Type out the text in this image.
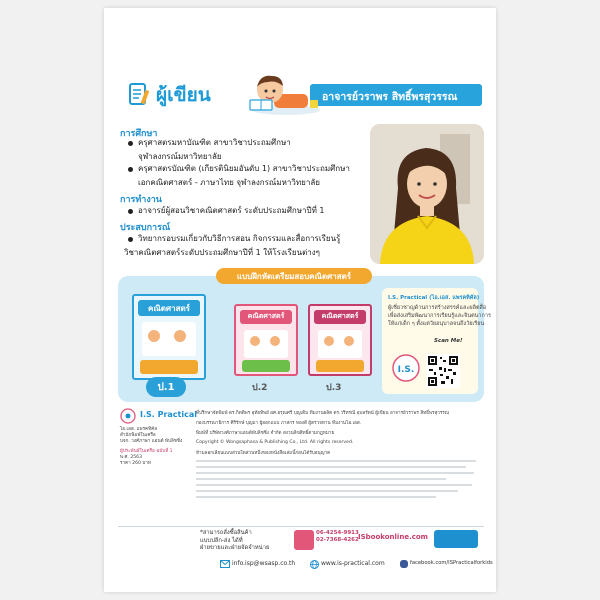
ผู้เขียน	อาจารย์วราพร สิทธิ์พรสุวรรณ
การศึกษา
ครุศาสตรมหาบัณฑิต สาขาวิชาประถมศึกษา
จุฬาลงกรณ์มหาวิทยาลัย
ครุศาสตรบัณฑิต (เกียรตินิยมอันดับ 1) สาขาวิชาประถมศึกษา
เอกคณิตศาสตร์ - ภาษาไทย จุฬาลงกรณ์มหาวิทยาลัย
การทำงาน
อาจารย์ผู้สอนวิชาคณิตศาสตร์ ระดับประถมศึกษาปีที่ 1
ประสบการณ์
วิทยากรอบรมเกี่ยวกับวิธีการสอน กิจกรรมและสื่อการเรียนรู้
วิชาคณิตศาสตร์ระดับประถมศึกษาปีที่ 1 ให้โรงเรียนต่างๆ
แบบฝึกหัดเตรียมสอบคณิตศาสตร์
คณิตศาสตร์
ป.1
คณิตศาสตร์
ป.2
คณิตศาสตร์
ป.3
I.S. Practical (ไอ.เอส. แพรคทิคัล)
ผู้เชี่ยวชาญด้านการสร้างสรรค์และผลิตสื่อ
เพื่อส่งเสริมพัฒนาการเรียนรู้และจินตนาการ
ให้แก่เด็ก ๆ ตั้งแต่วัยอนุบาลจนถึงวัยเรียน
Scan Me!
I.S.
I.S. Practical
ไอ.เอส. แพรคทิคัล
สำนักพิมพ์ในเครือ
บจก. วงศ์ภาษา แอนด์ พับลิชชิ่ง
ผู้ประพันธ์ในเครือ ฉบับที่ 1
พ.ศ. 2563
ราคา 260 บาท
ที่ปรึกษาจัดพิมพ์ ดร.กิตติพร อุทัยทิพย์ ผศ.อรุณศรี บุญเติม ทีมงานผลิต ดร.วริทรณี อุบลรัตน์ ผู้เขียน อาจารย์วราพร สิทธิ์พรสุวรรณ
กองบรรณาธิการ ศิริรักษ์ บุญมา ผู้ออกแบบ ภาสกร ทองดี ผู้ตรวจทาน ทีมงานไอ.เอส.
พิมพ์ที่ บริษัทวงศ์ภาษาแอนด์พับลิชชิ่ง จำกัด สงวนลิขสิทธิ์ตามกฎหมาย
Copyright © Wongsaphasa & Publishing Co., Ltd. All rights reserved.
ห้ามลอกเลียนแบบส่วนใดส่วนหนึ่งของหนังสือเล่มนี้ก่อนได้รับอนุญาต
*สามารถสั่งซื้อสินค้า
แบบปลีก-ส่ง ได้ที่
ฝ่ายขายและฝ่ายจัดจำหน่าย
06-4254-9913
02-7368-4262 ISbookonline.com
info.isp@wsasp.co.th	www.is-practical.com	facebook.com/ISPracticalforkids
